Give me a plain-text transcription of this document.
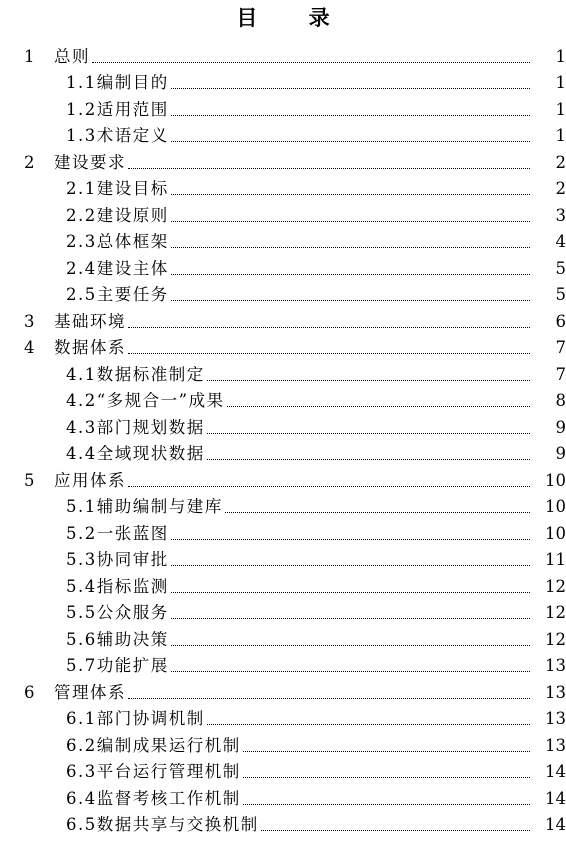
目 录
1 总则	1
1.1编制目的	1
1.2适用范围	1
1.3术语定义	1
2 建设要求	2
2.1建设目标	2
2.2建设原则	3
2.3总体框架	4
2.4建设主体	5
2.5主要任务	5
3 基础环境	6
4 数据体系	7
4.1数据标准制定	7
4.2“多规合一”成果	8
4.3部门规划数据	9
4.4全域现状数据	9
5 应用体系	10
5.1辅助编制与建库	10
5.2一张蓝图	10
5.3协同审批	11
5.4指标监测	12
5.5公众服务	12
5.6辅助决策	12
5.7功能扩展	13
6 管理体系	13
6.1部门协调机制	13
6.2编制成果运行机制	13
6.3平台运行管理机制	14
6.4监督考核工作机制	14
6.5数据共享与交换机制	14
